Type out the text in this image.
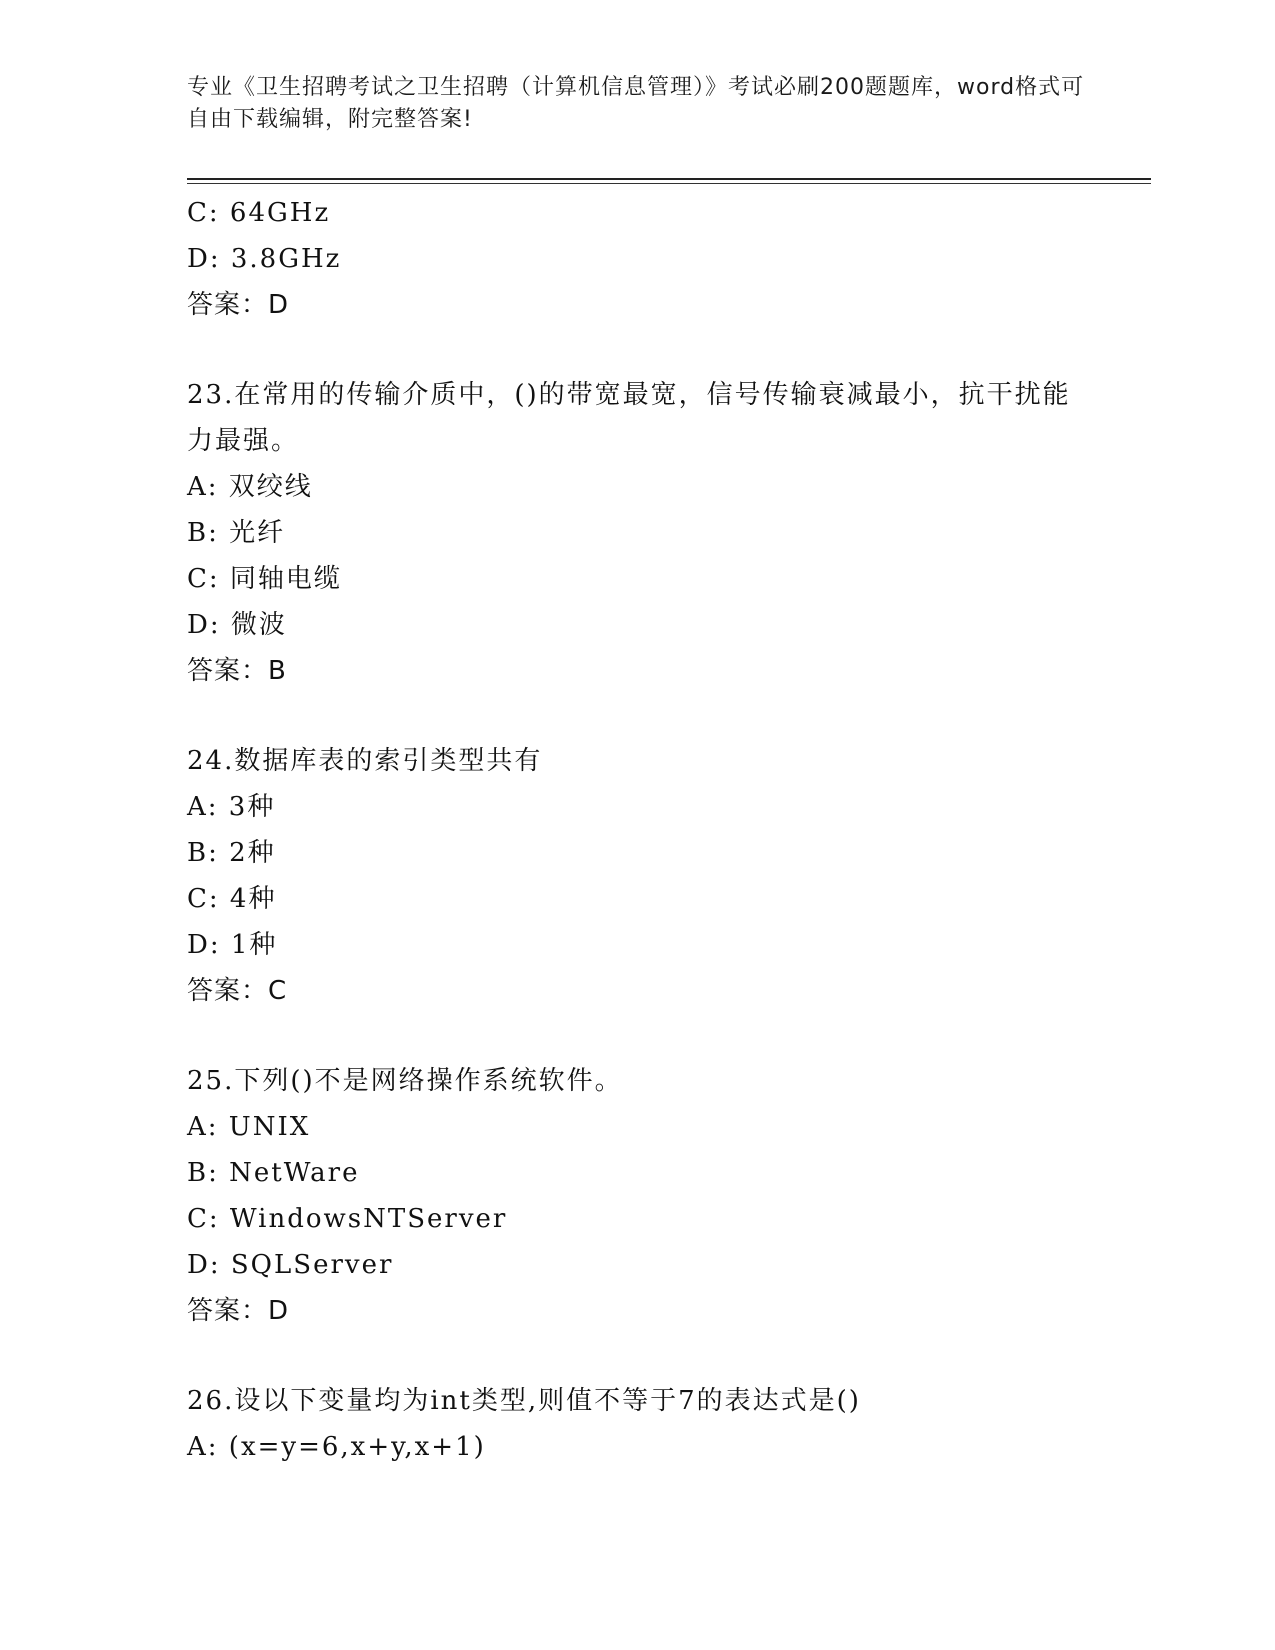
专业《卫生招聘考试之卫生招聘（计算机信息管理）》考试必刷200题题库，word格式可自由下载编辑，附完整答案!
C: 64GHz
D: 3.8GHz
答案：D
23.在常用的传输介质中，()的带宽最宽，信号传输衰减最小，抗干扰能力最强。
A: 双绞线
B: 光纤
C: 同轴电缆
D: 微波
答案：B
24.数据库表的索引类型共有
A: 3种
B: 2种
C: 4种
D: 1种
答案：C
25.下列()不是网络操作系统软件。
A: UNIX
B: NetWare
C: WindowsNTServer
D: SQLServer
答案：D
26.设以下变量均为int类型,则值不等于7的表达式是()
A: (x=y=6,x+y,x+1)
